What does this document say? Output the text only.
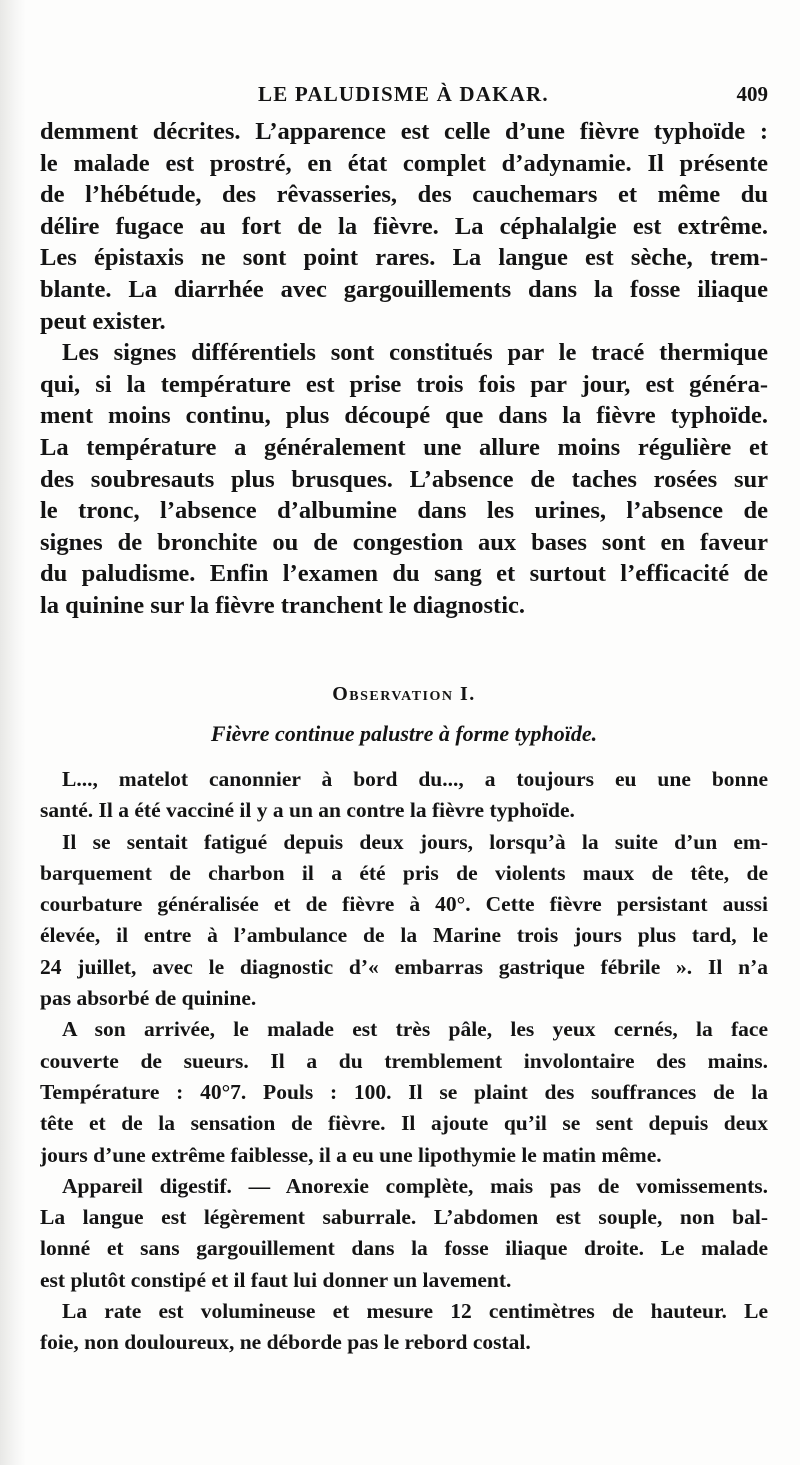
LE PALUDISME À DAKAR.	409
demment décrites. L’apparence est celle d’une fièvre typhoïde :
le malade est prostré, en état complet d’adynamie. Il présente
de l’hébétude, des rêvasseries, des cauchemars et même du
délire fugace au fort de la fièvre. La céphalalgie est extrême.
Les épistaxis ne sont point rares. La langue est sèche, trem-
blante. La diarrhée avec gargouillements dans la fosse iliaque
peut exister.
Les signes différentiels sont constitués par le tracé thermique
qui, si la température est prise trois fois par jour, est généra-
ment moins continu, plus découpé que dans la fièvre typhoïde.
La température a généralement une allure moins régulière et
des soubresauts plus brusques. L’absence de taches rosées sur
le tronc, l’absence d’albumine dans les urines, l’absence de
signes de bronchite ou de congestion aux bases sont en faveur
du paludisme. Enfin l’examen du sang et surtout l’efficacité de
la quinine sur la fièvre tranchent le diagnostic.
Observation I.
Fièvre continue palustre à forme typhoïde.
L..., matelot canonnier à bord du..., a toujours eu une bonne
santé. Il a été vacciné il y a un an contre la fièvre typhoïde.
Il se sentait fatigué depuis deux jours, lorsqu’à la suite d’un em-
barquement de charbon il a été pris de violents maux de tête, de
courbature généralisée et de fièvre à 40°. Cette fièvre persistant aussi
élevée, il entre à l’ambulance de la Marine trois jours plus tard, le
24 juillet, avec le diagnostic d’« embarras gastrique fébrile ». Il n’a
pas absorbé de quinine.
A son arrivée, le malade est très pâle, les yeux cernés, la face
couverte de sueurs. Il a du tremblement involontaire des mains.
Température : 40°7. Pouls : 100. Il se plaint des souffrances de la
tête et de la sensation de fièvre. Il ajoute qu’il se sent depuis deux
jours d’une extrême faiblesse, il a eu une lipothymie le matin même.
Appareil digestif. — Anorexie complète, mais pas de vomissements.
La langue est légèrement saburrale. L’abdomen est souple, non bal-
lonné et sans gargouillement dans la fosse iliaque droite. Le malade
est plutôt constipé et il faut lui donner un lavement.
La rate est volumineuse et mesure 12 centimètres de hauteur. Le
foie, non douloureux, ne déborde pas le rebord costal.
